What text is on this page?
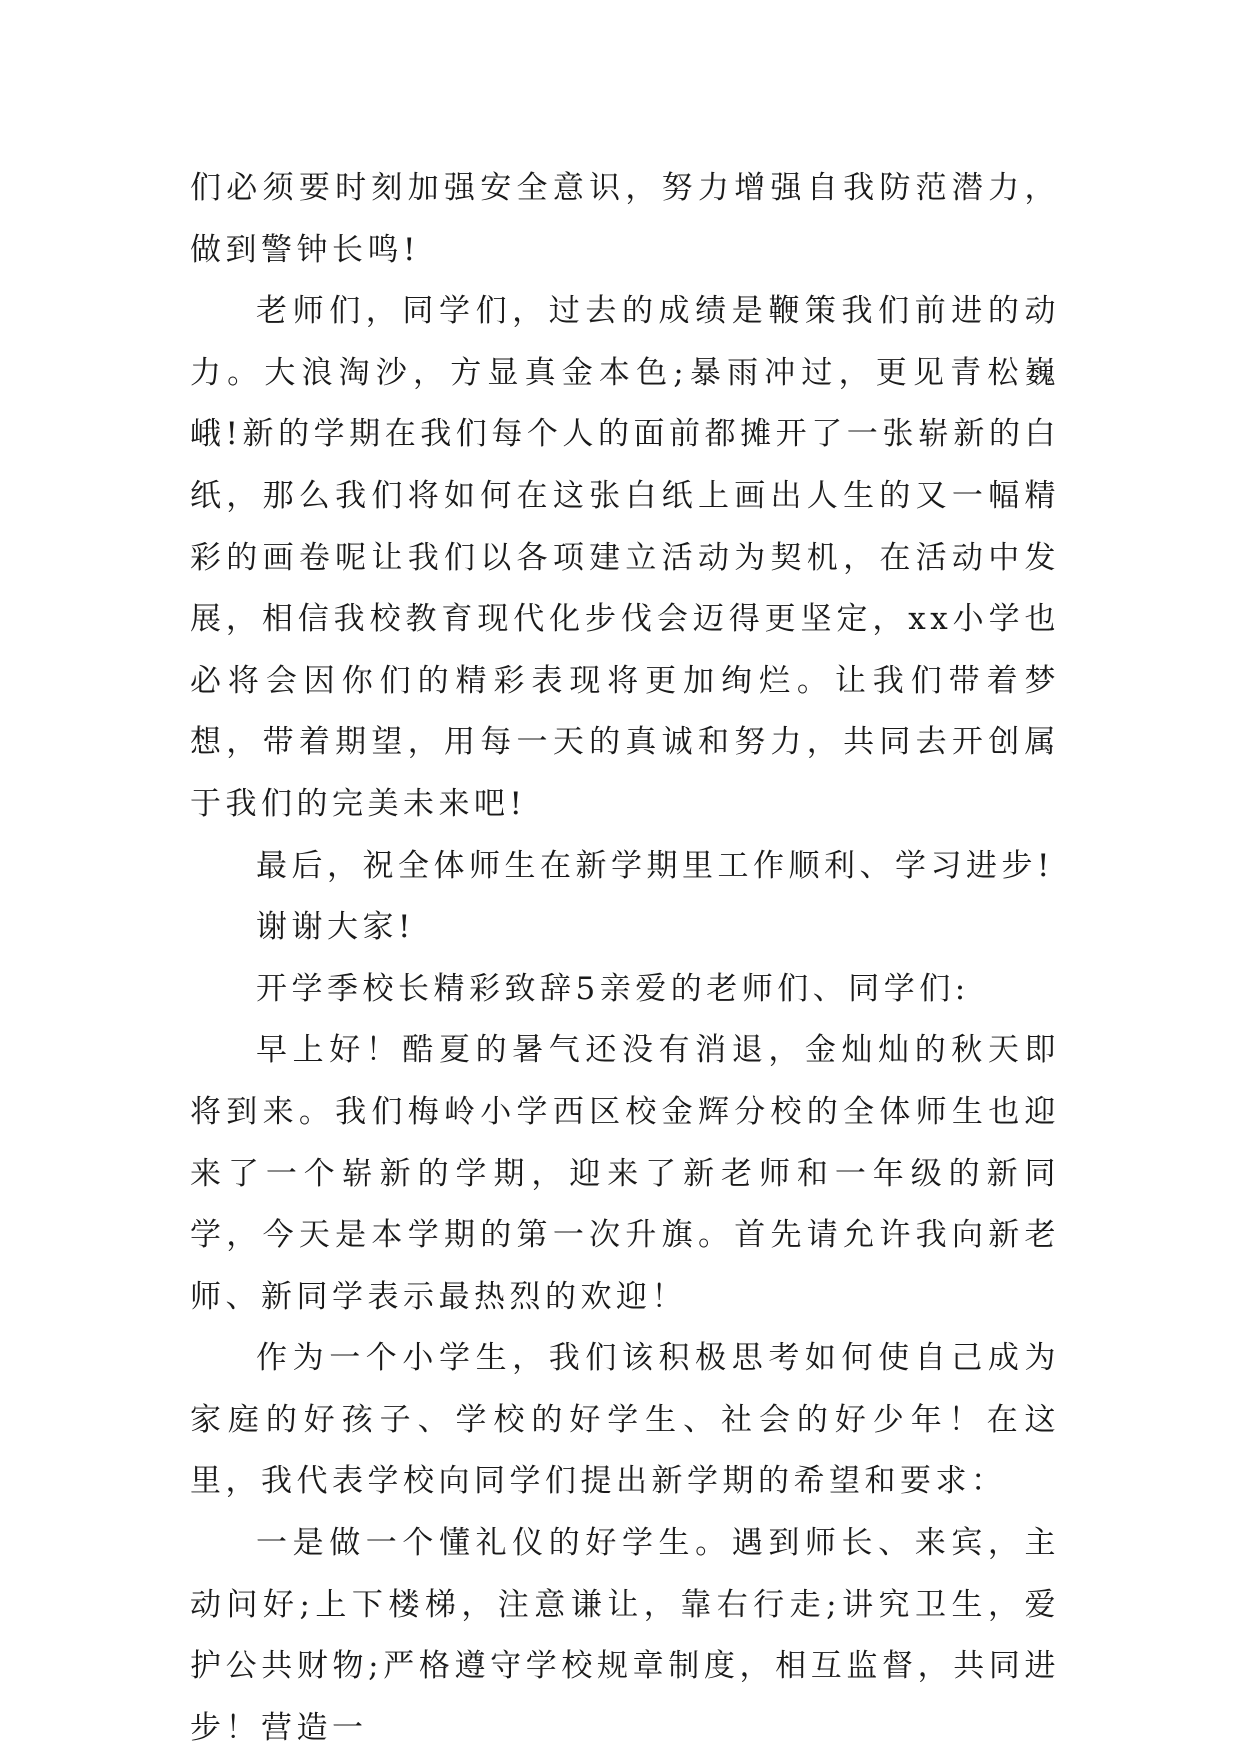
们必须要时刻加强安全意识，努力增强自我防范潜力，做到警钟长鸣!

老师们，同学们，过去的成绩是鞭策我们前进的动力。大浪淘沙，方显真金本色;暴雨冲过，更见青松巍峨!新的学期在我们每个人的面前都摊开了一张崭新的白纸，那么我们将如何在这张白纸上画出人生的又一幅精彩的画卷呢让我们以各项建立活动为契机，在活动中发展，相信我校教育现代化步伐会迈得更坚定，xx小学也必将会因你们的精彩表现将更加绚烂。让我们带着梦想，带着期望，用每一天的真诚和努力，共同去开创属于我们的完美未来吧!

最后，祝全体师生在新学期里工作顺利、学习进步!

谢谢大家!

开学季校长精彩致辞5亲爱的老师们、同学们:

早上好！酷夏的暑气还没有消退，金灿灿的秋天即将到来。我们梅岭小学西区校金辉分校的全体师生也迎来了一个崭新的学期，迎来了新老师和一年级的新同学，今天是本学期的第一次升旗。首先请允许我向新老师、新同学表示最热烈的欢迎！

作为一个小学生，我们该积极思考如何使自己成为家庭的好孩子、学校的好学生、社会的好少年！在这里，我代表学校向同学们提出新学期的希望和要求：

一是做一个懂礼仪的好学生。遇到师长、来宾，主动问好;上下楼梯，注意谦让，靠右行走;讲究卫生，爱护公共财物;严格遵守学校规章制度，相互监督，共同进步！营造一
